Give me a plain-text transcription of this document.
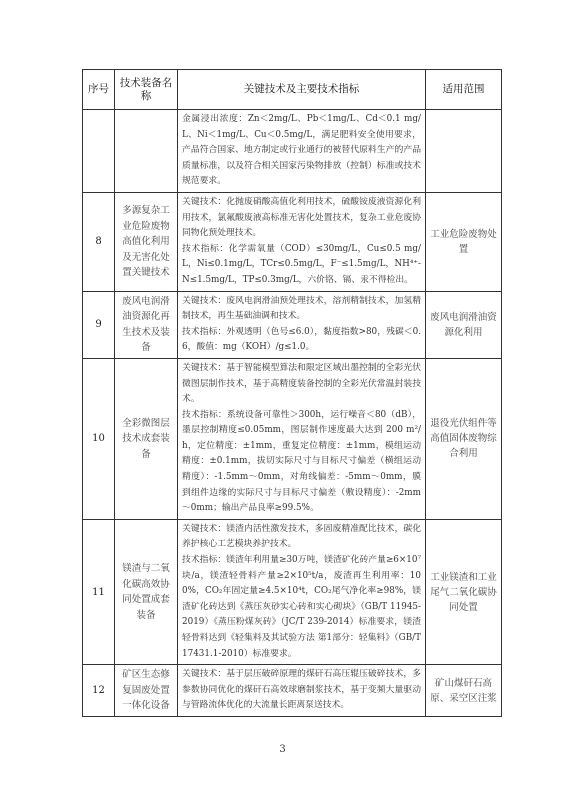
序号	技术装备名称	关键技术及主要技术指标	适用范围

		金属浸出浓度：Zn＜2mg/L、Pb＜1mg/L、Cd＜0.1 mg/L、Ni＜1mg/L、Cu＜0.5mg/L，满足肥料安全使用要求，产品符合国家、地方制定或行业通行的被替代原料生产的产品质量标准，以及符合相关国家污染物排放（控制）标准或技术规范要求。	

8	多源复杂工业危险废物高值化利用及无害化处置关键技术	关键技术：化抛废硝酸高值化利用技术，硫酸铵废液资源化利用技术，氯氟酸废液高标准无害化处置技术，复杂工业危废协同物化预处理技术。
技术指标：化学需氧量（COD）≤30mg/L，Cu≤0.5 mg/L，Ni≤0.1mg/L，TCr≤0.5mg/L，F⁻≤1.5mg/L，NH⁴⁺-N≤1.5mg/L，TP≤0.3mg/L，六价铬、镉、汞不得检出。	工业危险废物处置
9	废风电润滑油资源化再生技术及装备	关键技术：废风电润滑油预处理技术，溶剂精制技术，加氢精制技术，再生基础油调和技术。
技术指标：外观透明（色号≤6.0），黏度指数>80，残碳＜0.6，酸值：mg（KOH）/g≤1.0。	废风电润滑油资源化利用
10	全彩微图层技术成套装备	关键技术：基于智能模型算法和限定区域出墨控制的全彩光伏微图层制作技术，基于高精度装备控制的全彩光伏常温封装技术。
技术指标：系统设备可靠性＞300h，运行噪音＜80（dB），墨层控制精度≤0.05mm，图层制作速度最大达到 200 m²/h，定位精度：±1mm，重复定位精度：±1mm，模组运动精度：±0.1mm，拔切实际尺寸与目标尺寸偏差（横组运动精度）：-1.5mm～0mm，对角线偏差：-5mm～0mm，膜到组件边缘的实际尺寸与目标尺寸偏差（敷设精度）：-2mm～0mm；输出产品良率≥99.5%。	退役光伏组件等高值固体废物综合利用
11	镁渣与二氧化碳高效协同处置成套装备	关键技术：镁渣内活性激发技术，多固废精准配比技术，碳化养护核心工艺模块养护技术。
技术指标：镁渣年利用量≥30万吨，镁渣矿化砖产量≥6×10⁷块/a，镁渣轻骨料产量≥2×10⁵t/a，废渣再生利用率：100%，CO₂年固定量≥4.5×10⁴t，CO₂尾气净化率≥98%，镁渣矿化砖达到《蒸压灰砂实心砖和实心砌块》（GB/T 11945-2019）《蒸压粉煤灰砖》（JC/T 239-2014）标准要求，镁渣轻骨料达到《轻集料及其试验方法 第1部分：轻集料》（GB/T 17431.1-2010）标准要求。	工业镁渣和工业尾气二氧化碳协同处置
12	矿区生态修复固废处置一体化设备	关键技术：基于层压破碎原理的煤矸石高压辊压破碎技术，多参数协同优化的煤矸石高效球磨制浆技术，基于变频大量驱动与管路流体优化的大流量长距离泵送技术。	矿山煤矸石高原、采空区注浆
3
